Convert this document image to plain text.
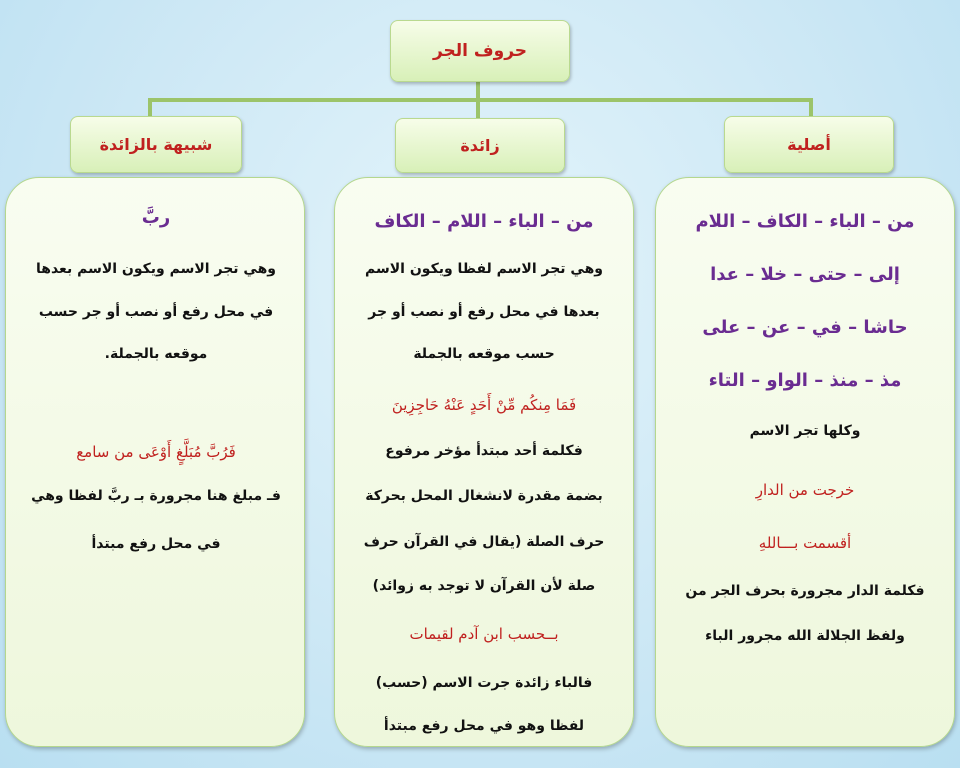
حروف الجر
أصلية
زائدة
شبيهة بالزائدة
من – الباء – الكاف – اللام
إلى – حتى – خلا – عدا
حاشا – في – عن – على
مذ – منذ – الواو – التاء
وكلها تجر الاسم
خرجت من الدارِ
أقسمت بـــاللهِ
فكلمة الدار مجرورة بحرف الجر من
ولفظ الجلالة الله مجرور الباء
من – الباء – اللام – الكاف
وهي تجر الاسم لفظا ويكون الاسم
بعدها في محل رفع أو نصب أو جر
حسب موقعه بالجملة
فَمَا مِنكُم مِّنْ أَحَدٍ عَنْهُ حَاجِزِينَ
فكلمة أحد مبتدأ مؤخر مرفوع
بضمة مقدرة لانشغال المحل بحركة
حرف الصلة (يقال في القرآن حرف
صلة لأن القرآن لا توجد به زوائد)
بــحسب ابن آدم لقيمات
فالباء زائدة جرت الاسم (حسب)
لفظا وهو في محل رفع مبتدأ
ربَّ
وهي تجر الاسم ويكون الاسم بعدها
في محل رفع أو نصب أو جر حسب
موقعه بالجملة.
فَرُبَّ مُبَلَّغٍ أَوْعَى من سامع
فـ مبلغ هنا مجرورة بـ ربَّ لفظا وهي
في محل رفع مبتدأ
